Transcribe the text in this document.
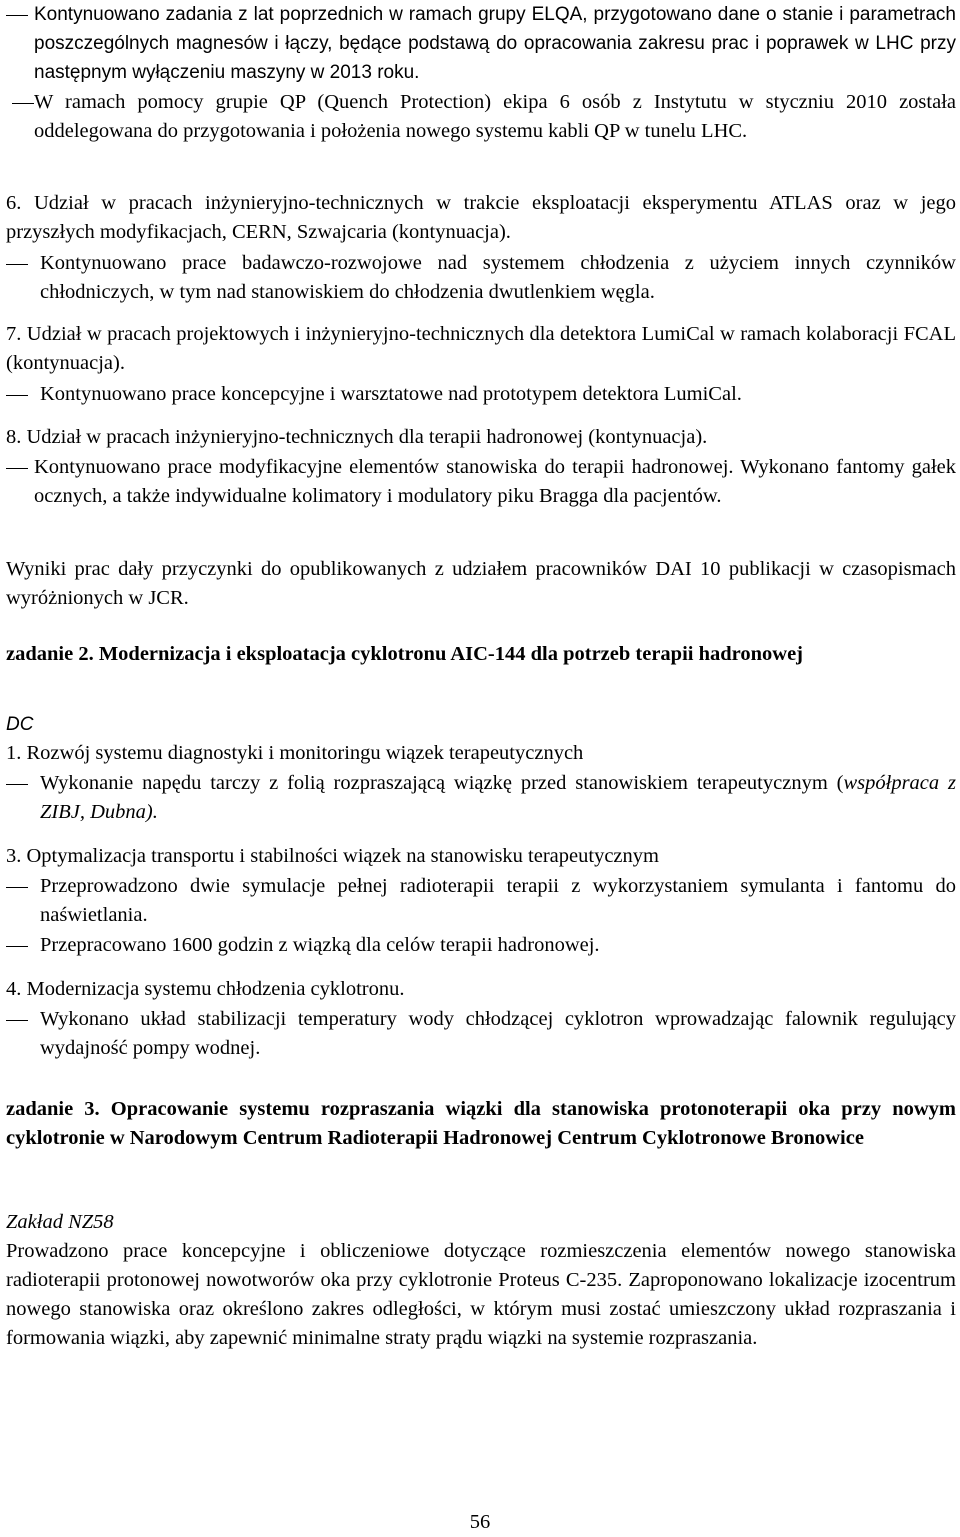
Kontynuowano zadania z lat poprzednich w ramach grupy ELQA, przygotowano dane o stanie i parametrach poszczególnych magnesów i łączy, będące podstawą do opracowania zakresu prac i poprawek w LHC przy następnym wyłączeniu maszyny w 2013 roku.
W ramach pomocy grupie QP (Quench Protection) ekipa 6 osób z Instytutu w styczniu 2010 została oddelegowana do przygotowania i położenia nowego systemu kabli QP w tunelu LHC.
6. Udział w pracach inżynieryjno-technicznych w trakcie eksploatacji eksperymentu ATLAS oraz w jego przyszłych modyfikacjach, CERN, Szwajcaria (kontynuacja).
Kontynuowano prace badawczo-rozwojowe nad systemem chłodzenia z użyciem innych czynników chłodniczych, w tym nad stanowiskiem do chłodzenia dwutlenkiem węgla.
7. Udział w pracach projektowych i inżynieryjno-technicznych dla detektora LumiCal w ramach kolaboracji FCAL (kontynuacja).
Kontynuowano prace koncepcyjne i warsztatowe nad prototypem detektora LumiCal.
8. Udział w pracach inżynieryjno-technicznych dla terapii hadronowej (kontynuacja).
Kontynuowano prace modyfikacyjne elementów stanowiska do terapii hadronowej. Wykonano fantomy gałek ocznych, a także indywidualne kolimatory i modulatory piku Bragga dla pacjentów.
Wyniki prac dały przyczynki do opublikowanych z udziałem pracowników DAI 10 publikacji w czasopismach wyróżnionych w JCR.
zadanie 2. Modernizacja i eksploatacja cyklotronu AIC-144 dla potrzeb terapii hadronowej
DC
1. Rozwój systemu diagnostyki i monitoringu wiązek terapeutycznych
Wykonanie napędu tarczy z folią rozpraszającą wiązkę przed stanowiskiem terapeutycznym (współpraca z ZIBJ, Dubna).
3. Optymalizacja transportu i stabilności wiązek na stanowisku terapeutycznym
Przeprowadzono dwie symulacje pełnej radioterapii terapii z wykorzystaniem symulanta i fantomu do naświetlania.
Przepracowano 1600 godzin z wiązką dla celów terapii hadronowej.
4. Modernizacja systemu chłodzenia cyklotronu.
Wykonano układ stabilizacji temperatury wody chłodzącej cyklotron wprowadzając falownik regulujący wydajność pompy wodnej.
zadanie 3. Opracowanie systemu rozpraszania wiązki dla stanowiska protonoterapii oka przy nowym cyklotronie w Narodowym Centrum Radioterapii Hadronowej Centrum Cyklotronowe Bronowice
Zakład NZ58
Prowadzono prace koncepcyjne i obliczeniowe dotyczące rozmieszczenia elementów nowego stanowiska radioterapii protonowej nowotworów oka przy cyklotronie Proteus C-235. Zaproponowano lokalizacje izocentrum nowego stanowiska oraz określono zakres odległości, w którym musi zostać umieszczony układ rozpraszania i formowania wiązki, aby zapewnić minimalne straty prądu wiązki na systemie rozpraszania.
56
